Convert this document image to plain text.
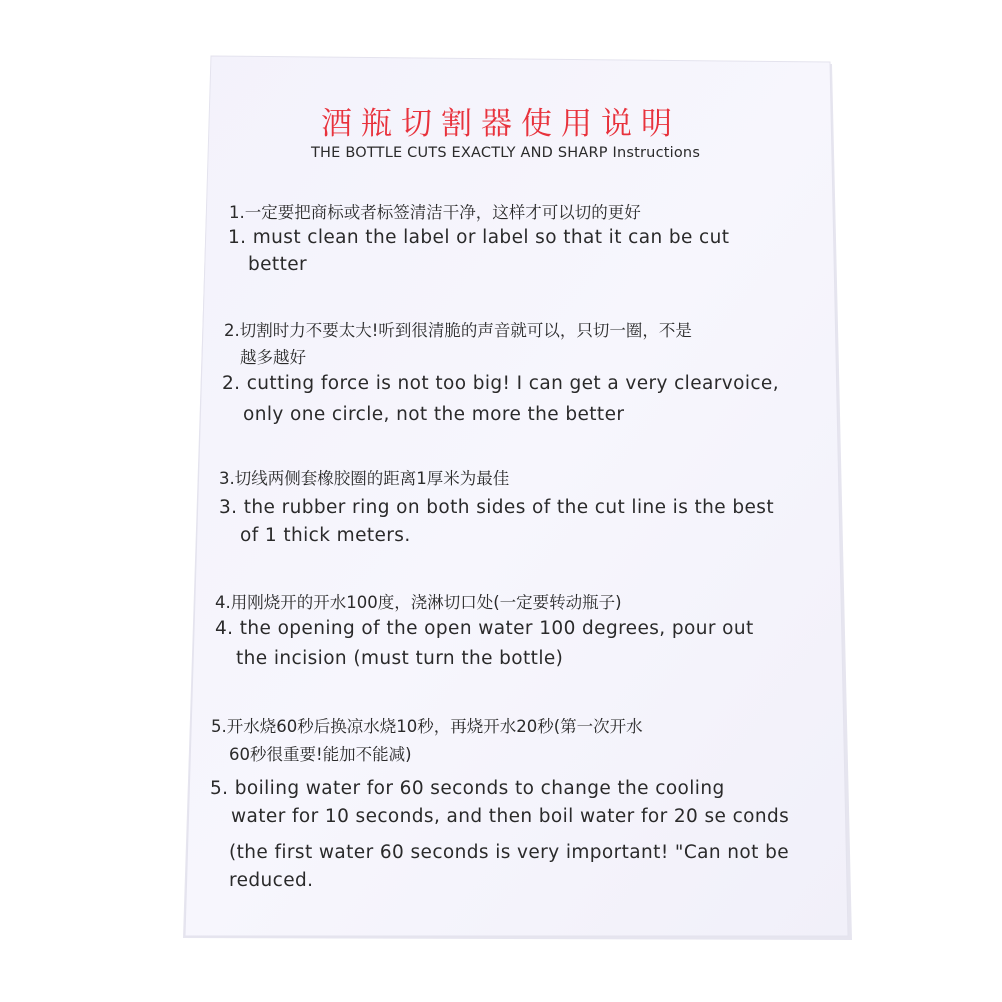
酒瓶切割器使用说明
THE BOTTLE CUTS EXACTLY AND SHARP Instructions
1.一定要把商标或者标签清洁干净，这样才可以切的更好
1. must clean the label or label so that it can be cut
better
2.切割时力不要太大!听到很清脆的声音就可以，只切一圈，不是
越多越好
2. cutting force is not too big! I can get a very clearvoice,
only one circle, not the more the better
3.切线两侧套橡胶圈的距离1厚米为最佳
3. the rubber ring on both sides of the cut line is the best
of 1 thick meters.
4.用刚烧开的开水100度，浇淋切口处(一定要转动瓶子)
4. the opening of the open water 100 degrees, pour out
the incision (must turn the bottle)
5.开水烧60秒后换凉水烧10秒，再烧开水20秒(第一次开水
60秒很重要!能加不能减)
5. boiling water for 60 seconds to change the cooling
water for 10 seconds, and then boil water for 20 se conds
(the first water 60 seconds is very important! "Can not be
reduced.
